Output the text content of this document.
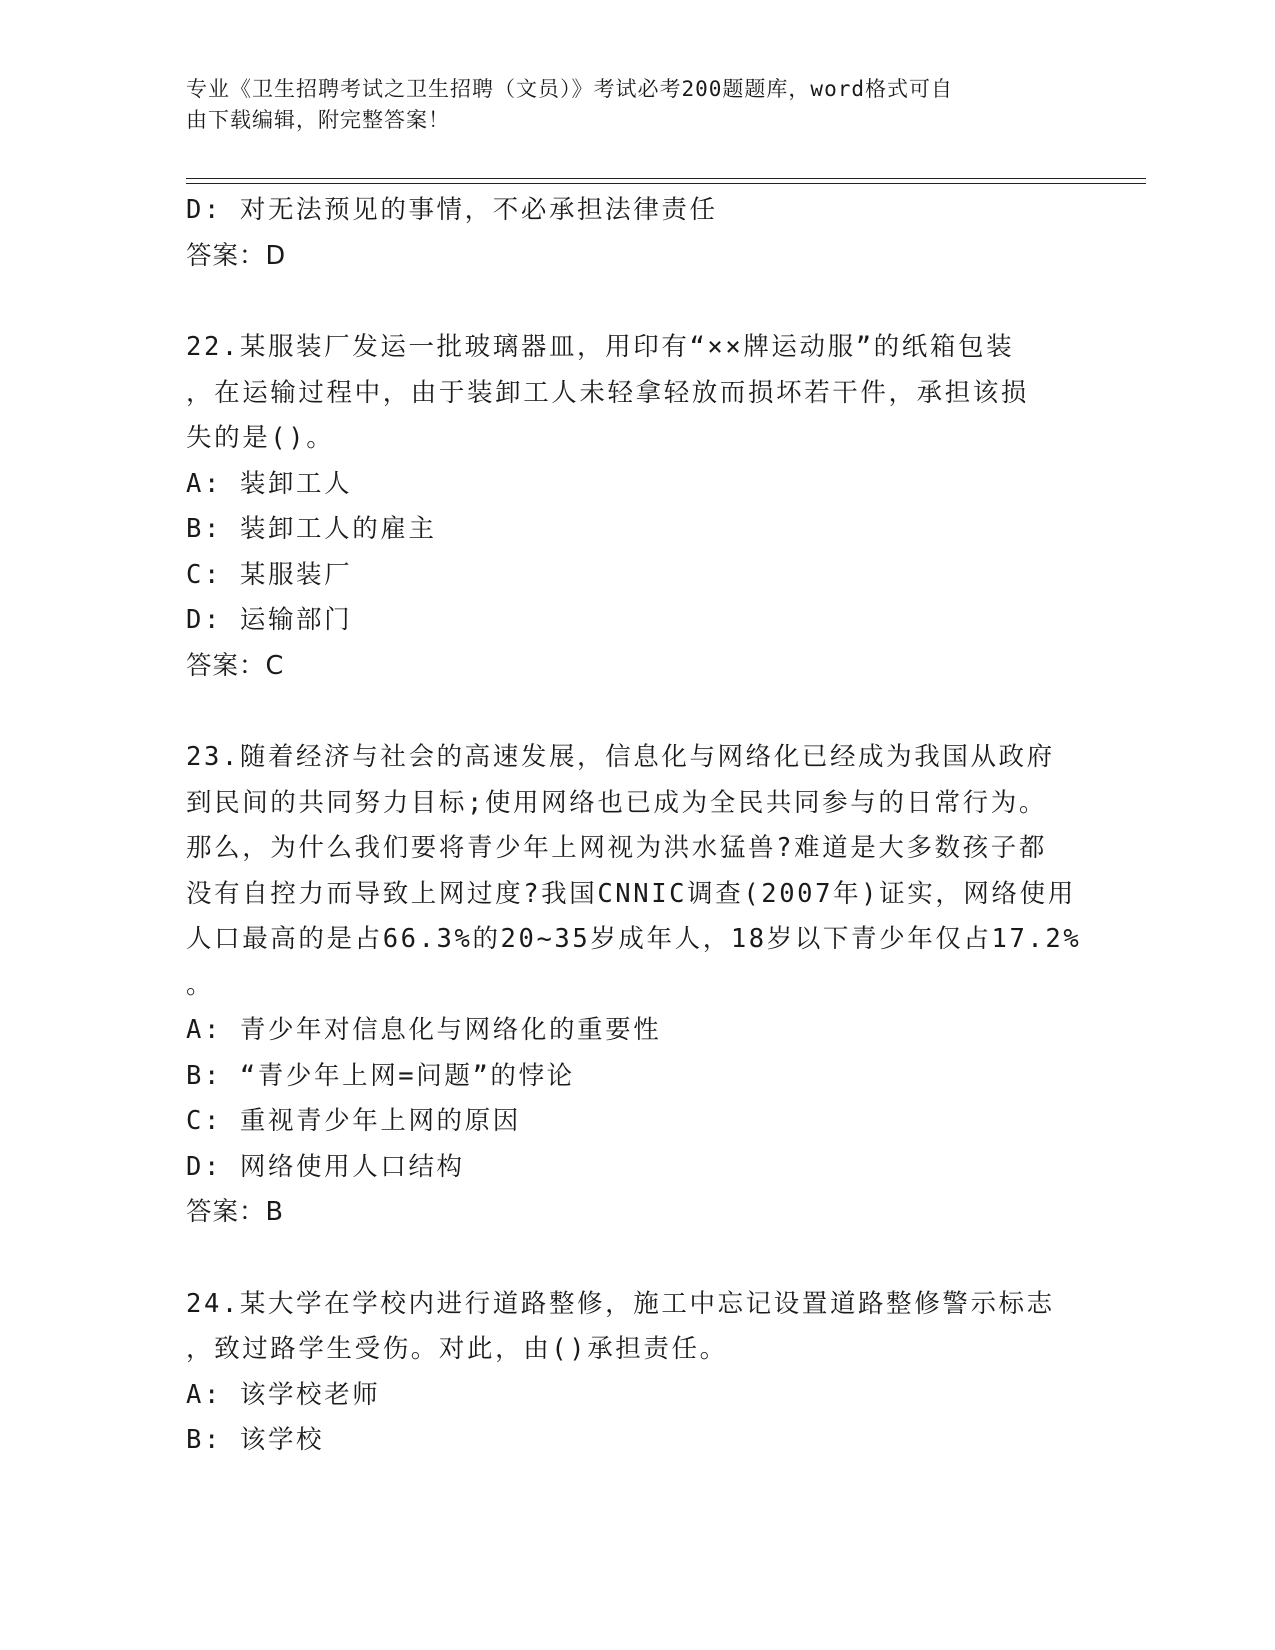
专业《卫生招聘考试之卫生招聘（文员）》考试必考200题题库，word格式可自
由下载编辑，附完整答案！
D: 对无法预见的事情，不必承担法律责任
答案：D
22.某服装厂发运一批玻璃器皿，用印有“××牌运动服”的纸箱包装
，在运输过程中，由于装卸工人未轻拿轻放而损坏若干件，承担该损
失的是()。
A: 装卸工人
B: 装卸工人的雇主
C: 某服装厂
D: 运输部门
答案：C
23.随着经济与社会的高速发展，信息化与网络化已经成为我国从政府
到民间的共同努力目标;使用网络也已成为全民共同参与的日常行为。
那么，为什么我们要将青少年上网视为洪水猛兽?难道是大多数孩子都
没有自控力而导致上网过度?我国CNNIC调查(2007年)证实，网络使用
人口最高的是占66.3%的20~35岁成年人，18岁以下青少年仅占17.2%
。
A: 青少年对信息化与网络化的重要性
B: “青少年上网=问题”的悖论
C: 重视青少年上网的原因
D: 网络使用人口结构
答案：B
24.某大学在学校内进行道路整修，施工中忘记设置道路整修警示标志
，致过路学生受伤。对此，由()承担责任。
A: 该学校老师
B: 该学校
